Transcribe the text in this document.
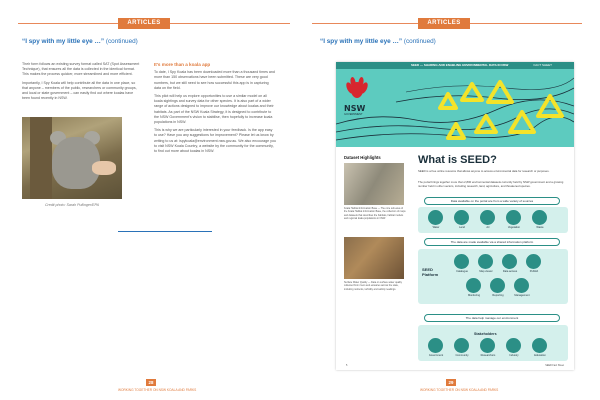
ARTICLES
“I spy with my little eye …” (continued)

Their form follows an existing survey format called SAT (Spot Assessment Technique), that ensures all the data is collected in the identical format. This makes the process quicker, more streamlined and more efficient.

Importantly, I Spy Koala will help contribute all the data in one place, so that anyone – members of the public, researchers or community groups, and local or state government – can easily find out where koalas have been found recently in NSW.

Credit photo: Sarah Pullinger/EPA
It's more than a koala app

To date, I Spy Koala has been downloaded more than a thousand times and more than 150 observations have been submitted. These are very good numbers, but we still need to see how successful this app is in capturing data on the field.

This pilot will help us explore opportunities to use a similar model on all koala sightings and survey data for other species. It is also part of a wider range of actions designed to improve our knowledge about koalas and their habitats. As part of the NSW Koala Strategy, it is designed to contribute to the NSW Government's vision to stabilise, then hopefully to increase koala populations in NSW.

This is why we are particularly interested in your feedback. Is the app easy to use? Have you any suggestions for improvement? Please let us know by writing to us at: ispykoala@environment.nsw.gov.au. We also encourage you to visit NSW Koala Country, a website by the community for the community, to find out more about koalas in NSW.

28
WORKING TOGETHER ON NSW KOALA AND PARKS
ARTICLES
“I spy with my little eye …” (continued)
29
WORKING TOGETHER ON NSW KOALA AND PARKS
SEED — SHARING AND ENABLING ENVIRONMENTAL DATA IN NSW	FACT SHEET
NSW
GOVERNMENT
Dataset Highlights
Koala Habitat Information Base — The core sub-area of the Koala Habitat Information Base, the collection of maps and datasets that describes the habitats, habitat models and regional koala populations in NSW.
Surface Water Quality — Data on surface water quality collected from rivers and estuaries across the state, including nutrients, turbidity and salinity readings.
What is SEED?
SEED is a free online resource that allows anyone to access environmental data for research or purposes.
The portal brings together more than 2,800 environmental datasets currently held by NSW government and a growing number held in other sectors, including research, land, agriculture, and threatened species.
Data available on the portal are from a wide variety of sources
Water	Land	Air	Vegetation	Waste
The data are made available via a shared information platform
SEED Platform
Catalogue	Map viewer	Data access	Publish
Monitoring	Reporting	Management
The data help manage our environment
Stakeholders
Government	Community	Researchers	Industry	Education
5	SEED Fact Sheet
